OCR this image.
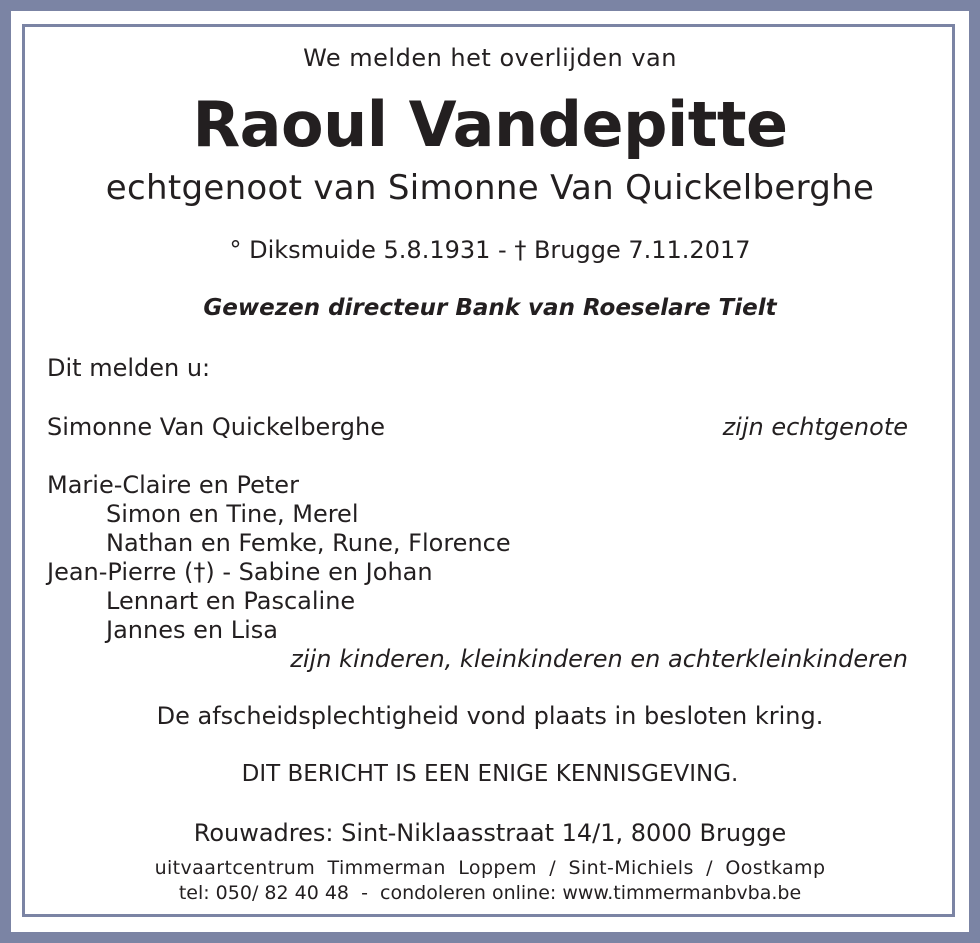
We melden het overlijden van
Raoul Vandepitte
echtgenoot van Simonne Van Quickelberghe
° Diksmuide 5.8.1931 - † Brugge 7.11.2017
Gewezen directeur Bank van Roeselare Tielt
Dit melden u:
Simonne Van Quickelberghe	zijn echtgenote
Marie-Claire en Peter
Simon en Tine, Merel
Nathan en Femke, Rune, Florence
Jean-Pierre (†) - Sabine en Johan
Lennart en Pascaline
Jannes en Lisa
zijn kinderen, kleinkinderen en achterkleinkinderen
De afscheidsplechtigheid vond plaats in besloten kring.
DIT BERICHT IS EEN ENIGE KENNISGEVING.
Rouwadres: Sint-Niklaasstraat 14/1, 8000 Brugge
uitvaartcentrum Timmerman Loppem / Sint-Michiels / Oostkamp
tel: 050/ 82 40 48  -  condoleren online: www.timmermanbvba.be
